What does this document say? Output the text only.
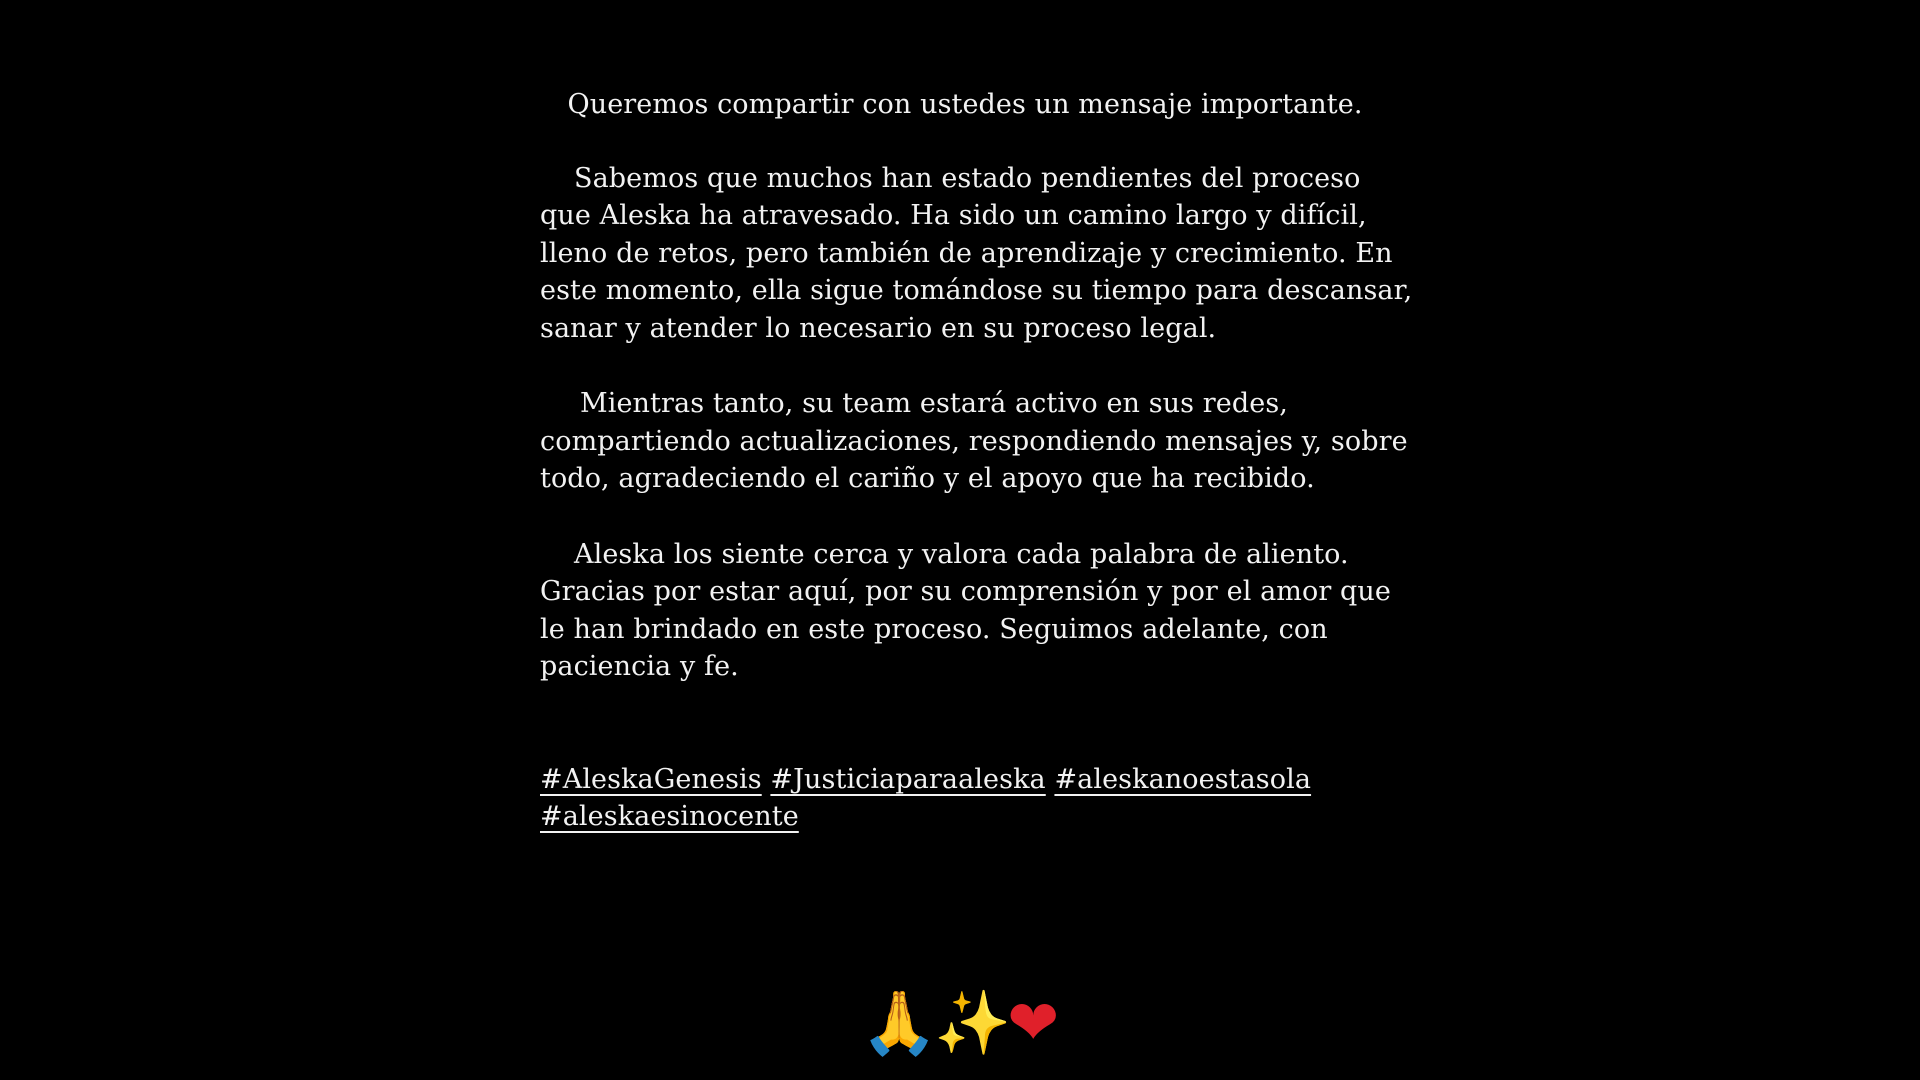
Queremos compartir con ustedes un mensaje importante.
Sabemos que muchos han estado pendientes del proceso que Aleska ha atravesado. Ha sido un camino largo y difícil, lleno de retos, pero también de aprendizaje y crecimiento. En este momento, ella sigue tomándose su tiempo para descansar, sanar y atender lo necesario en su proceso legal.
Mientras tanto, su team estará activo en sus redes, compartiendo actualizaciones, respondiendo mensajes y, sobre todo, agradeciendo el cariño y el apoyo que ha recibido.
Aleska los siente cerca y valora cada palabra de aliento. Gracias por estar aquí, por su comprensión y por el amor que le han brindado en este proceso. Seguimos adelante, con paciencia y fe.
#AleskaGenesis #Justiciaparaaleska #aleskanoestasola #aleskaesinocente
🙏✨❤
